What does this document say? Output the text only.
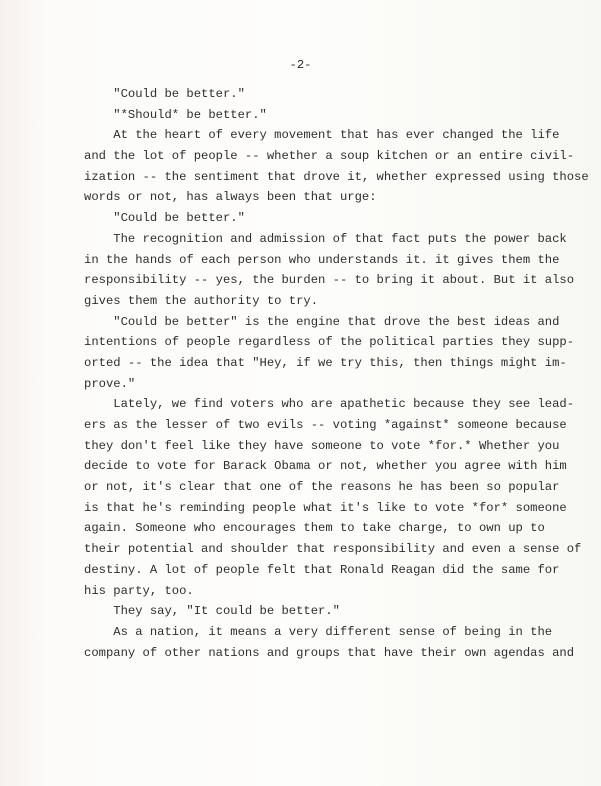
-2-
"Could be better."
"*Should* be better."
At the heart of every movement that has ever changed the life
and the lot of people -- whether a soup kitchen or an entire civil-
ization -- the sentiment that drove it, whether expressed using those
words or not, has always been that urge:
"Could be better."
The recognition and admission of that fact puts the power back
in the hands of each person who understands it. it gives them the
responsibility -- yes, the burden -- to bring it about. But it also
gives them the authority to try.
"Could be better" is the engine that drove the best ideas and
intentions of people regardless of the political parties they supp-
orted -- the idea that "Hey, if we try this, then things might im-
prove."
Lately, we find voters who are apathetic because they see lead-
ers as the lesser of two evils -- voting *against* someone because
they don't feel like they have someone to vote *for.* Whether you
decide to vote for Barack Obama or not, whether you agree with him
or not, it's clear that one of the reasons he has been so popular
is that he's reminding people what it's like to vote *for* someone
again. Someone who encourages them to take charge, to own up to
their potential and shoulder that responsibility and even a sense of
destiny. A lot of people felt that Ronald Reagan did the same for
his party, too.
They say, "It could be better."
As a nation, it means a very different sense of being in the
company of other nations and groups that have their own agendas and
